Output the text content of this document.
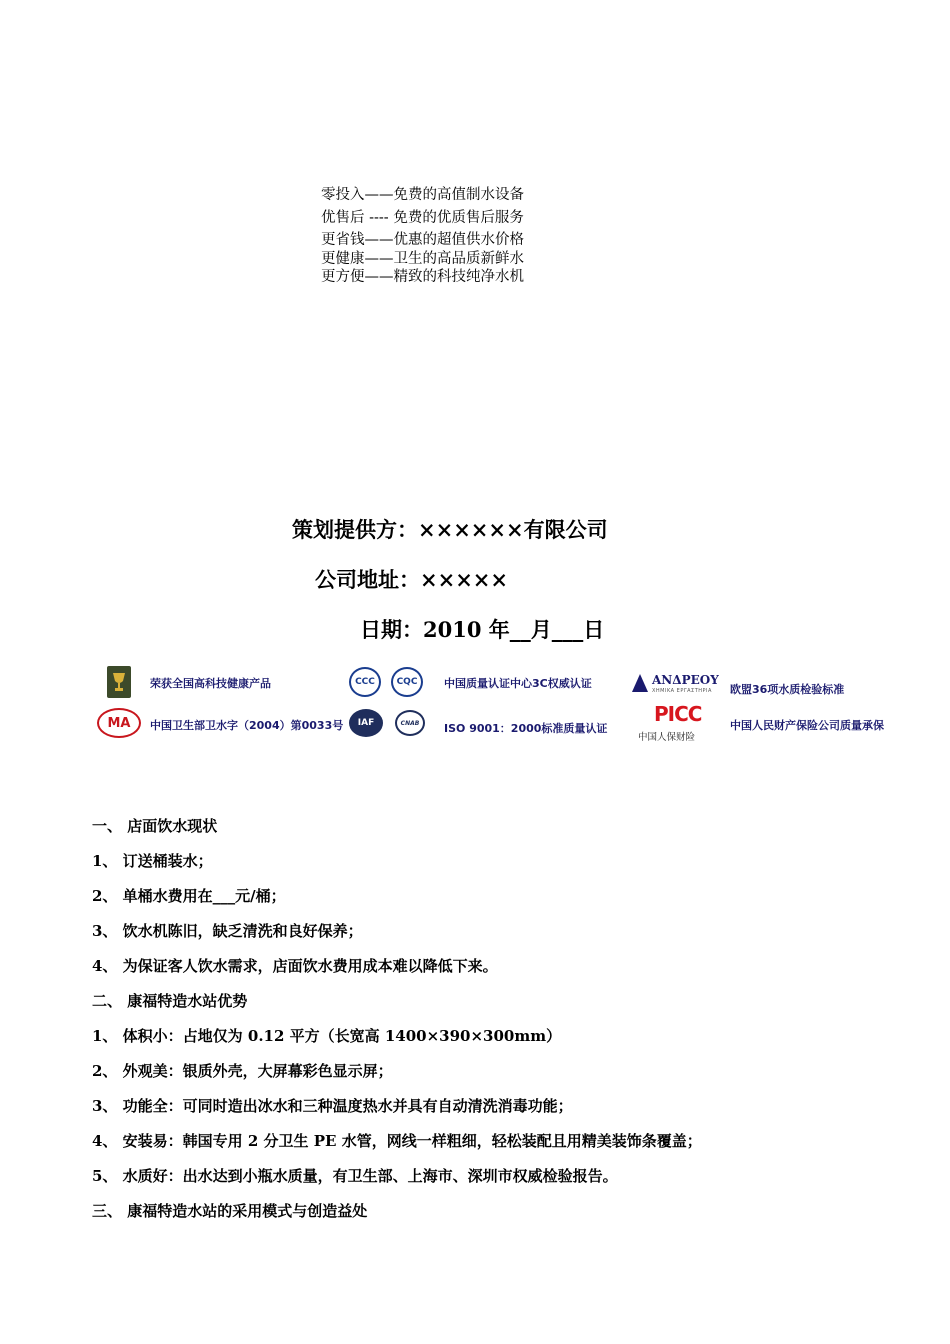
零投入——免费的高值制水设备
优售后 ---- 免费的优质售后服务
更省钱——优惠的超值供水价格
更健康——卫生的高品质新鲜水
更方便——精致的科技纯净水机
策划提供方：××××××有限公司
公司地址：×××××
日期：2010 年__月___日
荣获全国高科技健康产品	CCC CQC 中国质量认证中心3C权威认证	ANΔPEOY
XHMIKA EPΓAΣTHPIA 欧盟36项水质检验标准
MA 中国卫生部卫水字（2004）第0033号 IAF	CNAB ISO 9001：2000标准质量认证
PICC
中国人保财险
中国人民财产保险公司质量承保
一、 店面饮水现状
1、 订送桶装水；
2、 单桶水费用在___元/桶；
3、 饮水机陈旧，缺乏清洗和良好保养；
4、 为保证客人饮水需求，店面饮水费用成本难以降低下来。
二、 康福特造水站优势
1、 体积小：占地仅为 0.12 平方（长宽高 1400×390×300mm）
2、 外观美：银质外壳，大屏幕彩色显示屏；
3、 功能全：可同时造出冰水和三种温度热水并具有自动清洗消毒功能；
4、 安装易：韩国专用 2 分卫生 PE 水管，网线一样粗细，轻松装配且用精美装饰条覆盖；
5、 水质好：出水达到小瓶水质量，有卫生部、上海市、深圳市权威检验报告。
三、 康福特造水站的采用模式与创造益处
